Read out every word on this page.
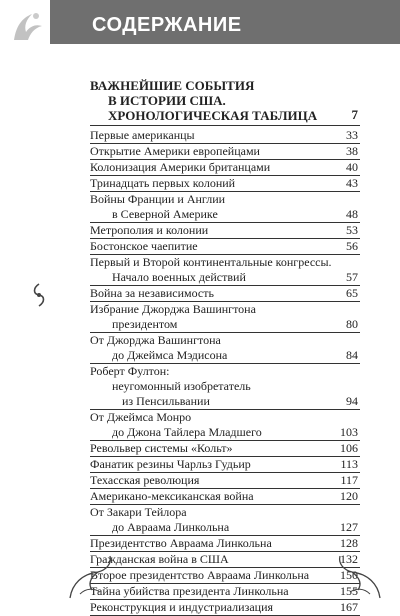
СОДЕРЖАНИЕ
ВАЖНЕЙШИЕ СОБЫТИЯ
В ИСТОРИИ США.
ХРОНОЛОГИЧЕСКАЯ ТАБЛИЦА	7
Первые американцы	33
Открытие Америки европейцами	38
Колонизация Америки британцами	40
Тринадцать первых колоний	43
Войны Франции и Англии
в Северной Америке	48
Метрополия и колонии	53
Бостонское чаепитие	56
Первый и Второй континентальные конгрессы.
Начало военных действий	57
Война за независимость	65
Избрание Джорджа Вашингтона
президентом	80
От Джорджа Вашингтона
до Джеймса Мэдисона	84
Роберт Фултон:
неугомонный изобретатель
из Пенсильвании	94
От Джеймса Монро
до Джона Тайлера Младшего	103
Револьвер системы «Кольт»	106
Фанатик резины Чарльз Гудьир	113
Техасская революция	117
Американо-мексиканская война	120
От Закари Тейлора
до Авраама Линкольна	127
Президентство Авраама Линкольна	128
Гражданская война в США	132
Второе президентство Авраама Линкольна	150
Тайна убийства президента Линкольна	155
Реконструкция и индустриализация	167
